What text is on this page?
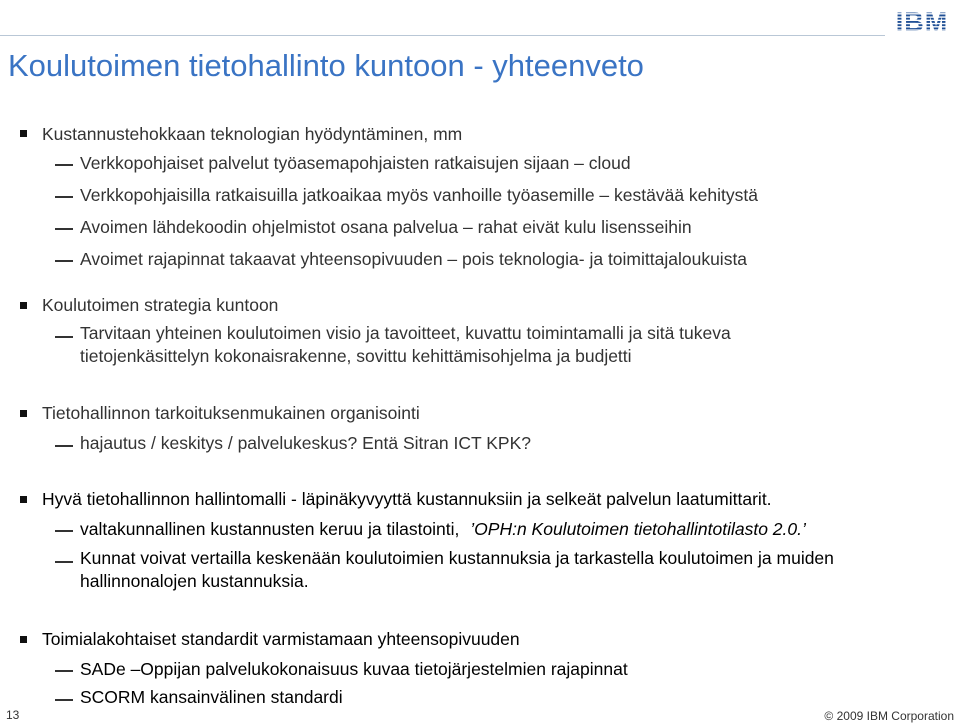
Koulutoimen tietohallinto kuntoon - yhteenveto
Kustannustehokkaan teknologian hyödyntäminen, mm
Verkkopohjaiset palvelut työasemapohjaisten ratkaisujen sijaan – cloud
Verkkopohjaisilla ratkaisuilla jatkoaikaa myös vanhoille työasemille – kestävää kehitystä
Avoimen lähdekoodin ohjelmistot osana palvelua – rahat eivät kulu lisensseihin
Avoimet rajapinnat takaavat yhteensopivuuden – pois teknologia- ja toimittajaloukuista
Koulutoimen strategia kuntoon
Tarvitaan yhteinen koulutoimen visio ja tavoitteet, kuvattu toimintamalli ja sitä tukeva tietojenkäsittelyn kokonaisrakenne, sovittu kehittämisohjelma ja budjetti
Tietohallinnon tarkoituksenmukainen organisointi
hajautus / keskitys / palvelukeskus? Entä Sitran ICT KPK?
Hyvä tietohallinnon hallintomalli - läpinäkyvyyttä kustannuksiin ja selkeät palvelun laatumittarit.
valtakunnallinen kustannusten keruu ja tilastointi, ’OPH:n Koulutoimen tietohallintotilasto 2.0.’
Kunnat voivat vertailla keskenään koulutoimien kustannuksia ja tarkastella koulutoimen ja muiden hallinnonalojen kustannuksia.
Toimialakohtaiset standardit varmistamaan yhteensopivuuden
SADe –Oppijan palvelukokonaisuus kuvaa tietojärjestelmien rajapinnat
SCORM kansainvälinen standardi
13	© 2009 IBM Corporation
